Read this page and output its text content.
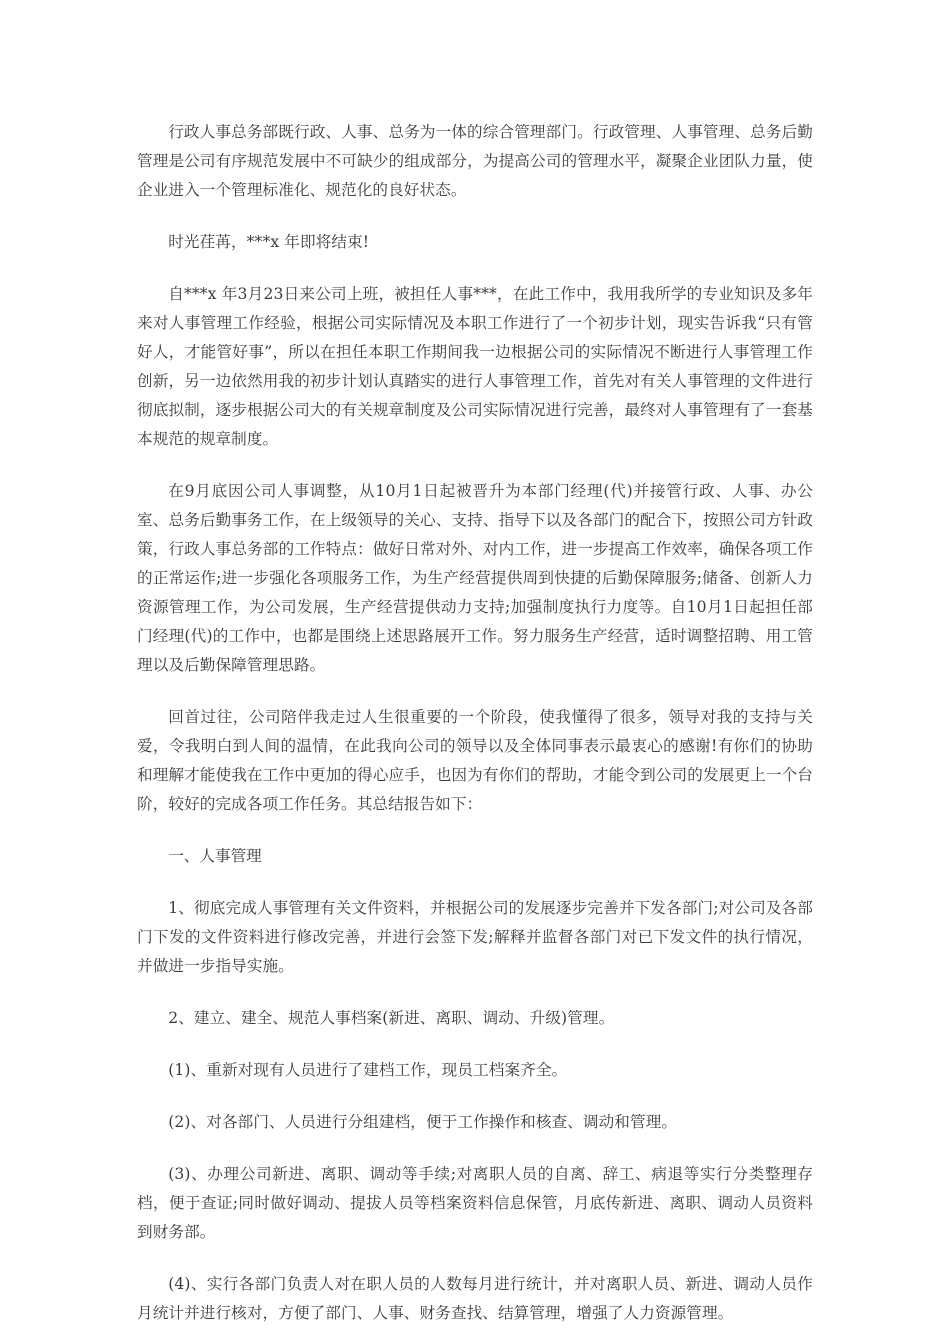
行政人事总务部既行政、人事、总务为一体的综合管理部门。行政管理、人事管理、总务后勤管理是公司有序规范发展中不可缺少的组成部分，为提高公司的管理水平，凝聚企业团队力量，使企业进入一个管理标准化、规范化的良好状态。

时光荏苒，***x 年即将结束!

自***x 年3月23日来公司上班，被担任人事***，在此工作中，我用我所学的专业知识及多年来对人事管理工作经验，根据公司实际情况及本职工作进行了一个初步计划，现实告诉我“只有管好人，才能管好事”，所以在担任本职工作期间我一边根据公司的实际情况不断进行人事管理工作创新，另一边依然用我的初步计划认真踏实的进行人事管理工作，首先对有关人事管理的文件进行彻底拟制，逐步根据公司大的有关规章制度及公司实际情况进行完善，最终对人事管理有了一套基本规范的规章制度。

在9月底因公司人事调整，从10月1日起被晋升为本部门经理(代)并接管行政、人事、办公室、总务后勤事务工作，在上级领导的关心、支持、指导下以及各部门的配合下，按照公司方针政策，行政人事总务部的工作特点：做好日常对外、对内工作，进一步提高工作效率，确保各项工作的正常运作;进一步强化各项服务工作，为生产经营提供周到快捷的后勤保障服务;储备、创新人力资源管理工作，为公司发展，生产经营提供动力支持;加强制度执行力度等。自10月1日起担任部门经理(代)的工作中，也都是围绕上述思路展开工作。努力服务生产经营，适时调整招聘、用工管理以及后勤保障管理思路。

回首过往，公司陪伴我走过人生很重要的一个阶段，使我懂得了很多，领导对我的支持与关爱，令我明白到人间的温情，在此我向公司的领导以及全体同事表示最衷心的感谢!有你们的协助和理解才能使我在工作中更加的得心应手，也因为有你们的帮助，才能令到公司的发展更上一个台阶，较好的完成各项工作任务。其总结报告如下：

一、人事管理

1、彻底完成人事管理有关文件资料，并根据公司的发展逐步完善并下发各部门;对公司及各部门下发的文件资料进行修改完善，并进行会签下发;解释并监督各部门对已下发文件的执行情况，并做进一步指导实施。

2、建立、建全、规范人事档案(新进、离职、调动、升级)管理。

(1)、重新对现有人员进行了建档工作，现员工档案齐全。

(2)、对各部门、人员进行分组建档，便于工作操作和核查、调动和管理。

(3)、办理公司新进、离职、调动等手续;对离职人员的自离、辞工、病退等实行分类整理存档，便于查证;同时做好调动、提拔人员等档案资料信息保管，月底传新进、离职、调动人员资料到财务部。

(4)、实行各部门负责人对在职人员的人数每月进行统计，并对离职人员、新进、调动人员作月统计并进行核对，方便了部门、人事、财务查找、结算管理，增强了人力资源管理。
